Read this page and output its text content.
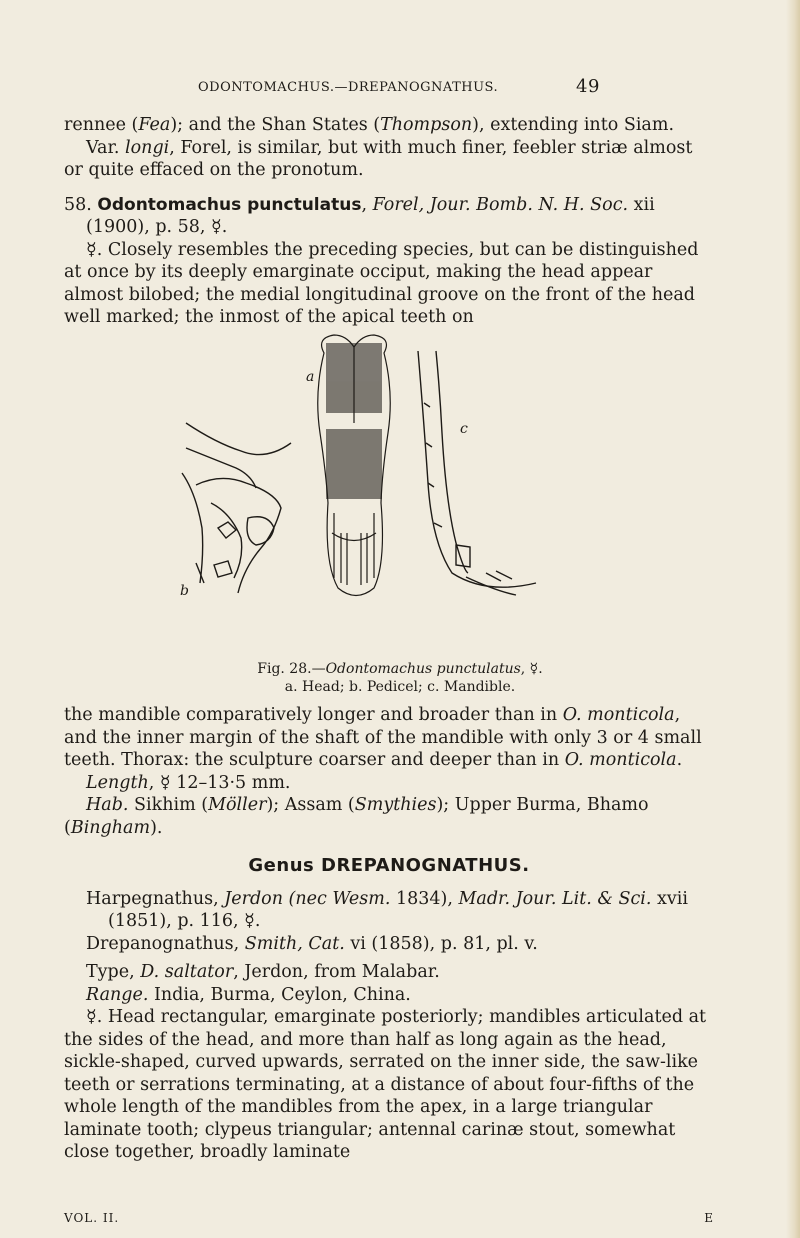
ODONTOMACHUS.—DREPANOGNATHUS.	49

rennee (Fea); and the Shan States (Thompson), extending into Siam.

Var. longi, Forel, is similar, but with much finer, feebler striæ almost or quite effaced on the pronotum.

58. Odontomachus punctulatus, Forel, Jour. Bomb. N. H. Soc. xii (1900), p. 58, ☿.

☿. Closely resembles the preceding species, but can be distinguished at once by its deeply emarginate occiput, making the head appear almost bilobed; the medial longitudinal groove on the front of the head well marked; the inmost of the apical teeth on

a
b
c
Fig. 28.—Odontomachus punctulatus, ☿.
a. Head; b. Pedicel; c. Mandible.

the mandible comparatively longer and broader than in O. monticola, and the inner margin of the shaft of the mandible with only 3 or 4 small teeth. Thorax: the sculpture coarser and deeper than in O. monticola.

Length, ☿ 12–13·5 mm.

Hab. Sikhim (Möller); Assam (Smythies); Upper Burma, Bhamo (Bingham).

Genus DREPANOGNATHUS.

Harpegnathus, Jerdon (nec Wesm. 1834), Madr. Jour. Lit. & Sci. xvii (1851), p. 116, ☿.

Drepanognathus, Smith, Cat. vi (1858), p. 81, pl. v.

Type, D. saltator, Jerdon, from Malabar.

Range. India, Burma, Ceylon, China.

☿. Head rectangular, emarginate posteriorly; mandibles articulated at the sides of the head, and more than half as long again as the head, sickle-shaped, curved upwards, serrated on the inner side, the saw-like teeth or serrations terminating, at a distance of about four-fifths of the whole length of the mandibles from the apex, in a large triangular laminate tooth; clypeus triangular; antennal carinæ stout, somewhat close together, broadly laminate

VOL. II.	E
